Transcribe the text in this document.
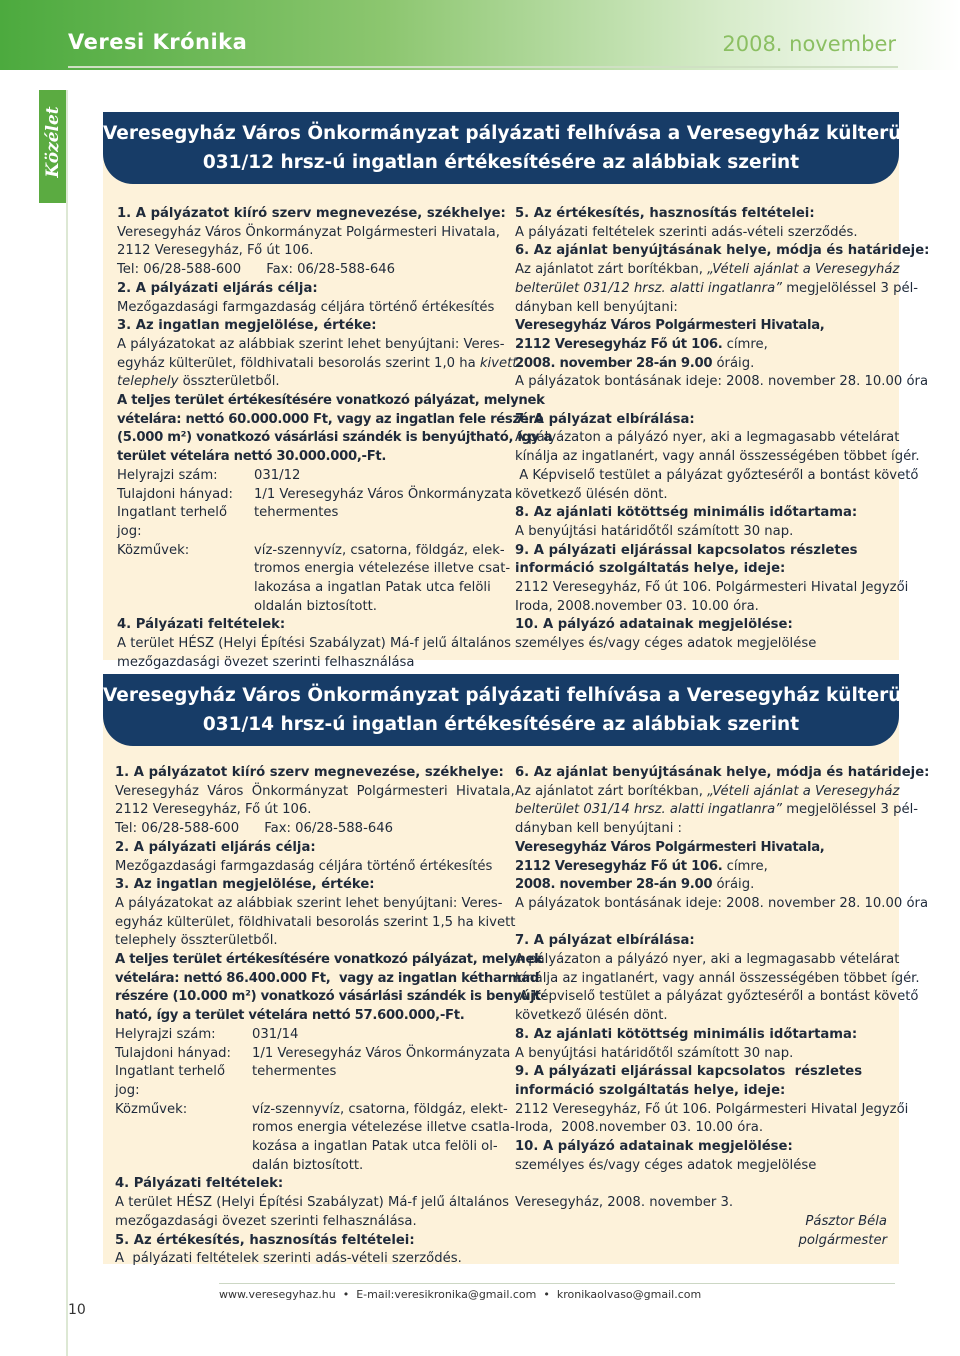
Veresi Krónika	2008. november
Közélet Veresegyház Város Önkormányzat pályázati felhívása a Veresegyház külterület
031/12 hrsz-ú ingatlan értékesítésére az alábbiak szerint

1. A pályázatot kiíró szerv megnevezése, székhelye:

Veresegyház Város Önkormányzat Polgármesteri Hivatala,

2112 Veresegyház, Fő út 106.

Tel: 06/28-588-600      Fax: 06/28-588-646

2. A pályázati eljárás célja:

Mezőgazdasági farmgazdaság céljára történő értékesítés

3. Az ingatlan megjelölése, értéke:

A pályázatokat az alábbiak szerint lehet benyújtani: Veres-

egyház külterület, földhivatali besorolás szerint 1,0 ha kivett

telephely összterületből.

A teljes terület értékesítésére vonatkozó pályázat, melynek

vételára: nettó 60.000.000 Ft, vagy az ingatlan fele részére

(5.000 m²) vonatkozó vásárlási szándék is benyújtható, így a

terület vételára nettó 30.000.000,-Ft.

Helyrajzi szám:	031/12
Tulajdoni hányad:	1/1 Veresegyház Város Önkormányzata
Ingatlant terhelő jog:
tehermentes
Közművek:	víz-szennyvíz, csatorna, földgáz, elek-
tromos energia vételezése illetve csat-
lakozása a ingatlan Patak utca felöli
oldalán biztosított.

4. Pályázati feltételek:

A terület HÉSZ (Helyi Építési Szabályzat) Má-f jelű általános

mezőgazdasági övezet szerinti felhasználása

5. Az értékesítés, hasznosítás feltételei:

A pályázati feltételek szerinti adás-vételi szerződés.

6. Az ajánlat benyújtásának helye, módja és határideje:

Az ajánlatot zárt borítékban, „Vételi ajánlat a Veresegyház

belterület 031/12 hrsz. alatti ingatlanra” megjelöléssel 3 pél-

dányban kell benyújtani:

Veresegyház Város Polgármesteri Hivatala,

2112 Veresegyház Fő út 106. címre,

2008. november 28-án 9.00 óráig.

A pályázatok bontásának ideje: 2008. november 28. 10.00 óra

7. A pályázat elbírálása:

A pályázaton a pályázó nyer, aki a legmagasabb vételárat

kínálja az ingatlanért, vagy annál összességében többet ígér.

A Képviselő testület a pályázat győzteséről a bontást követő

következő ülésén dönt.

8. Az ajánlati kötöttség minimális időtartama:

A benyújtási határidőtől számított 30 nap.

9. A pályázati eljárással kapcsolatos részletes

információ szolgáltatás helye, ideje:

2112 Veresegyház, Fő út 106. Polgármesteri Hivatal Jegyzői

Iroda, 2008.november 03. 10.00 óra.

10. A pályázó adatainak megjelölése:

személyes és/vagy céges adatok megjelölése

Veresegyház Város Önkormányzat pályázati felhívása a Veresegyház külterület
031/14 hrsz-ú ingatlan értékesítésére az alábbiak szerint

1. A pályázatot kiíró szerv megnevezése, székhelye:

Veresegyház  Város  Önkormányzat  Polgármesteri  Hivatala,

2112 Veresegyház, Fő út 106.

Tel: 06/28-588-600      Fax: 06/28-588-646

2. A pályázati eljárás célja:

Mezőgazdasági farmgazdaság céljára történő értékesítés

3. Az ingatlan megjelölése, értéke:

A pályázatokat az alábbiak szerint lehet benyújtani: Veres-

egyház külterület, földhivatali besorolás szerint 1,5 ha kivett

telephely összterületből.

A teljes terület értékesítésére vonatkozó pályázat, melynek

vételára: nettó 86.400.000 Ft,  vagy az ingatlan kétharmad

részére (10.000 m²) vonatkozó vásárlási szándék is benyújt-

ható, így a terület vételára nettó 57.600.000,-Ft.

Helyrajzi szám:	031/14
Tulajdoni hányad:	1/1 Veresegyház Város Önkormányzata
Ingatlant terhelő jog:
tehermentes
Közművek:	víz-szennyvíz, csatorna, földgáz, elekt-
romos energia vételezése illetve csatla-
kozása a ingatlan Patak utca felöli ol-
dalán biztosított.

4. Pályázati feltételek:

A terület HÉSZ (Helyi Építési Szabályzat) Má-f jelű általános

mezőgazdasági övezet szerinti felhasználása.

5. Az értékesítés, hasznosítás feltételei:

A  pályázati feltételek szerinti adás-vételi szerződés.

6. Az ajánlat benyújtásának helye, módja és határideje:

Az ajánlatot zárt borítékban, „Vételi ajánlat a Veresegyház

belterület 031/14 hrsz. alatti ingatlanra” megjelöléssel 3 pél-

dányban kell benyújtani :

Veresegyház Város Polgármesteri Hivatala,

2112 Veresegyház Fő út 106. címre,

2008. november 28-án 9.00 óráig.

A pályázatok bontásának ideje: 2008. november 28. 10.00 óra

7. A pályázat elbírálása:

A pályázaton a pályázó nyer, aki a legmagasabb vételárat

kínálja az ingatlanért, vagy annál összességében többet ígér.

A Képviselő testület a pályázat győzteséről a bontást követő

következő ülésén dönt.

8. Az ajánlati kötöttség minimális időtartama:

A benyújtási határidőtől számított 30 nap.

9. A pályázati eljárással kapcsolatos  részletes

információ szolgáltatás helye, ideje:

2112 Veresegyház, Fő út 106. Polgármesteri Hivatal Jegyzői

Iroda,  2008.november 03. 10.00 óra.

10. A pályázó adatainak megjelölése:

személyes és/vagy céges adatok megjelölése

Veresegyház, 2008. november 3.

Pásztor Béla

polgármester

10
www.veresegyhaz.hu  •  E-mail:veresikronika@gmail.com  •  kronikaolvaso@gmail.com
